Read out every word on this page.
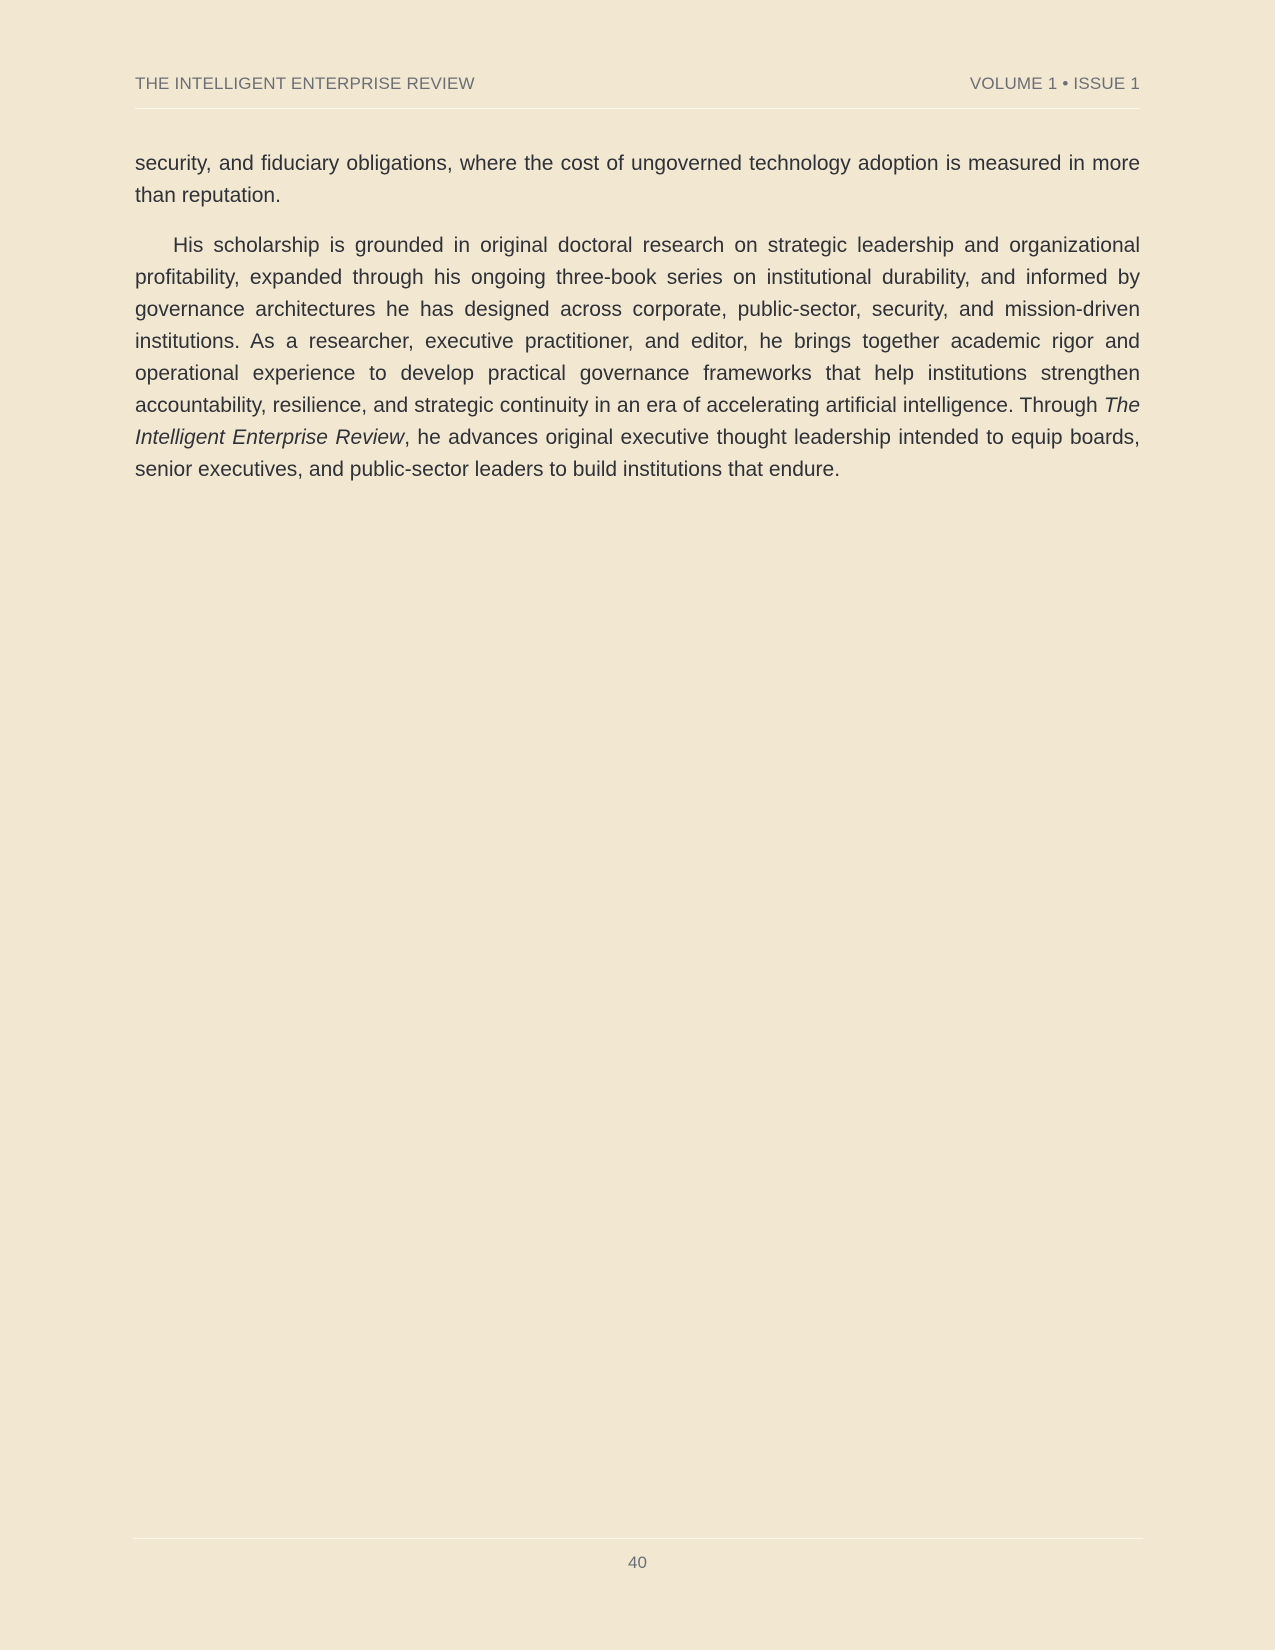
THE INTELLIGENT ENTERPRISE REVIEW	VOLUME 1 • ISSUE 1

security, and fiduciary obligations, where the cost of ungoverned technology adoption is measured in more than reputation.

His scholarship is grounded in original doctoral research on strategic leadership and organizational profitability, expanded through his ongoing three-book series on institutional durability, and informed by governance architectures he has designed across corporate, public-sector, security, and mission-driven institutions. As a researcher, executive practitioner, and editor, he brings together academic rigor and operational experience to develop practical governance frameworks that help institutions strengthen accountability, resilience, and strategic continuity in an era of accelerating artificial intelligence. Through The Intelligent Enterprise Review, he advances original executive thought leadership intended to equip boards, senior executives, and public-sector leaders to build institutions that endure.

40
